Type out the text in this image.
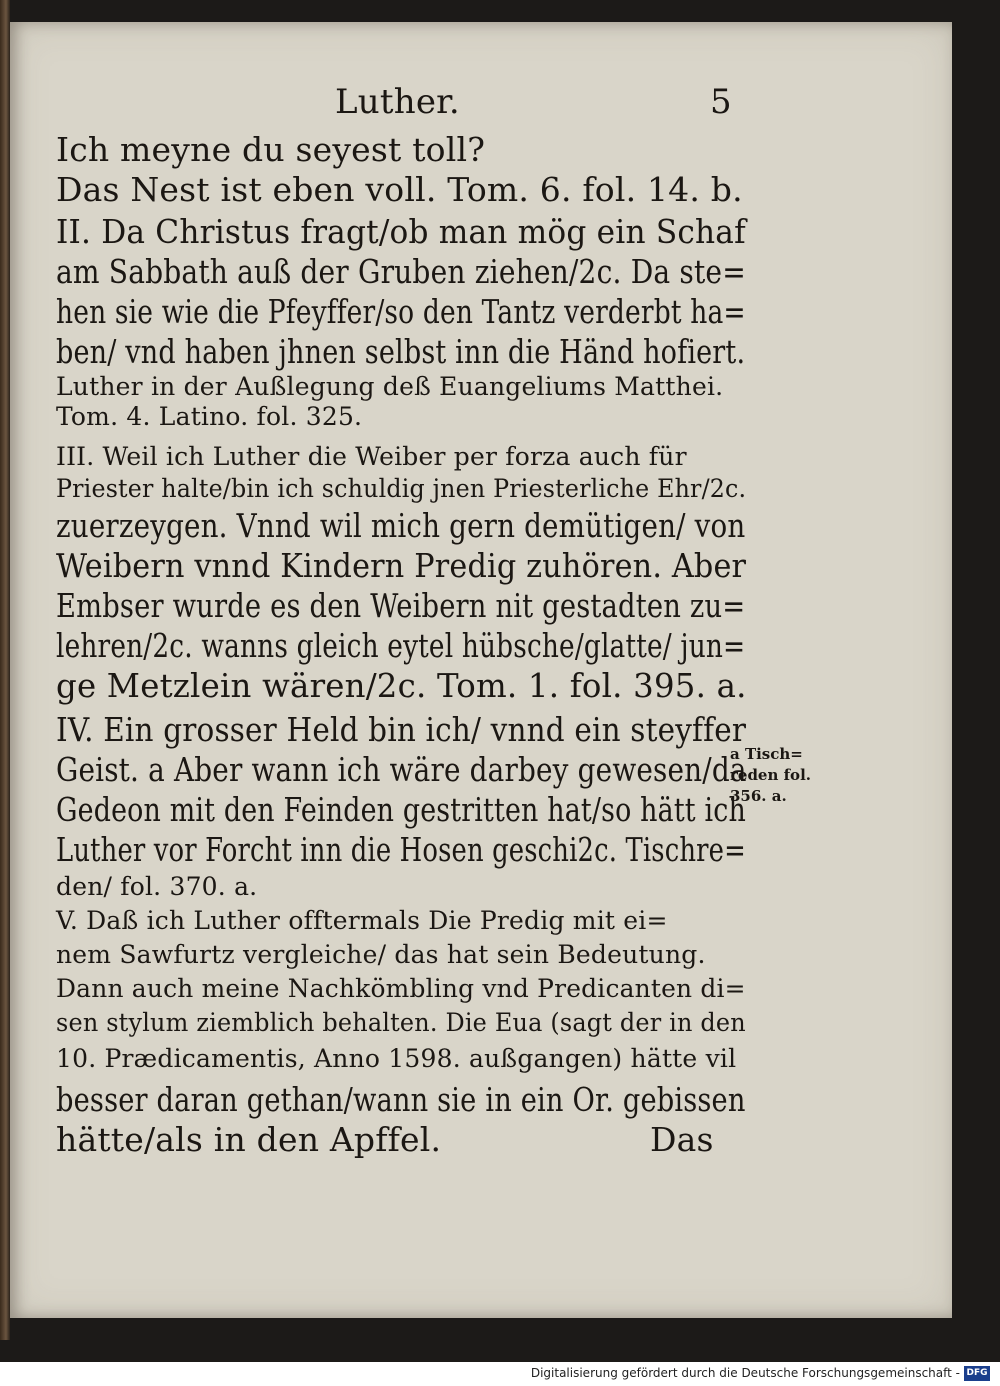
Luther.	5
Ich meyne du seyest toll?
Das Nest ist eben voll. Tom. 6. fol. 14. b.
II. Da Christus fragt/ob man mög ein Schaf
am Sabbath auß der Gruben ziehen/2c. Da ste=
hen sie wie die Pfeyffer/so den Tantz verderbt ha=
ben/ vnd haben jhnen selbst inn die Händ hofiert.
Luther in der Außlegung deß Euangeliums Matthei.
Tom. 4. Latino. fol. 325.
III. Weil ich Luther die Weiber per forza auch für
Priester halte/bin ich schuldig jnen Priesterliche Ehr/2c.
zuerzeygen. Vnnd wil mich gern demütigen/ von
Weibern vnnd Kindern Predig zuhören. Aber
Embser wurde es den Weibern nit gestadten zu=
lehren/2c. wanns gleich eytel hübsche/glatte/ jun=
ge Metzlein wären/2c. Tom. 1. fol. 395. a.
IV. Ein grosser Held bin ich/ vnnd ein steyffer
Geist. a Aber wann ich wäre darbey gewesen/da
Gedeon mit den Feinden gestritten hat/so hätt ich
Luther vor Forcht inn die Hosen geschi2c. Tischre=
den/ fol. 370. a.
V. Daß ich Luther offtermals Die Predig mit ei=
nem Sawfurtz vergleiche/ das hat sein Bedeutung.
Dann auch meine Nachkömbling vnd Predicanten di=
sen stylum ziemblich behalten. Die Eua (sagt der in den
10. Prædicamentis, Anno 1598. außgangen) hätte vil
besser daran gethan/wann sie in ein Or. gebissen
hätte/als in den Apffel.	Das
a Tisch=
reden fol.
356. a.
Digitalisierung gefördert durch die Deutsche Forschungsgemeinschaft - DFG
